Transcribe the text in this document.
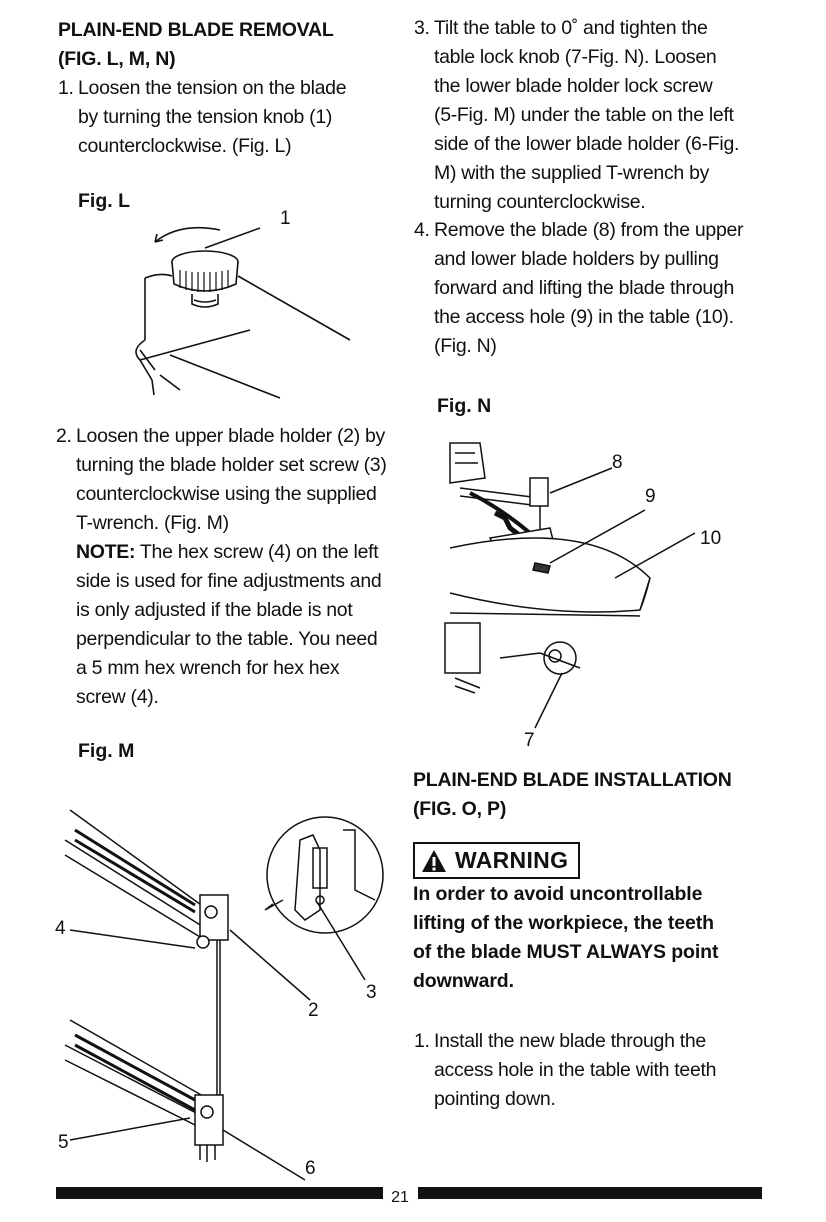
PLAIN-END BLADE REMOVAL
(FIG. L, M, N)
1. Loosen the tension on the blade
by turning the tension knob (1)
counterclockwise. (Fig. L)
Fig. L
1
2. Loosen the upper blade holder (2) by
turning the blade holder set screw (3)
counterclockwise using the supplied
T-wrench. (Fig. M)
NOTE: The hex screw (4) on the left
side is used for fine adjustments and
is only adjusted if the blade is not
perpendicular to the table. You need
a 5 mm hex wrench for hex hex
screw (4).
Fig. M
4
2
3
5
6
3. Tilt the table to 0˚ and tighten the
table lock knob (7-Fig. N). Loosen
the lower blade holder lock screw
(5-Fig. M) under the table on the left
side of the lower blade holder (6-Fig.
M) with the supplied T-wrench by
turning counterclockwise.
4. Remove the blade (8) from the upper
and lower blade holders by pulling
forward and lifting the blade through
the access hole (9) in the table (10).
(Fig. N)
Fig. N
8
9
10
7
PLAIN-END BLADE INSTALLATION
(FIG. O, P)
WARNING
In order to avoid uncontrollable
lifting of the workpiece, the teeth
of the blade MUST ALWAYS point
downward.
1. Install the new blade through the
access hole in the table with teeth
pointing down.
21
